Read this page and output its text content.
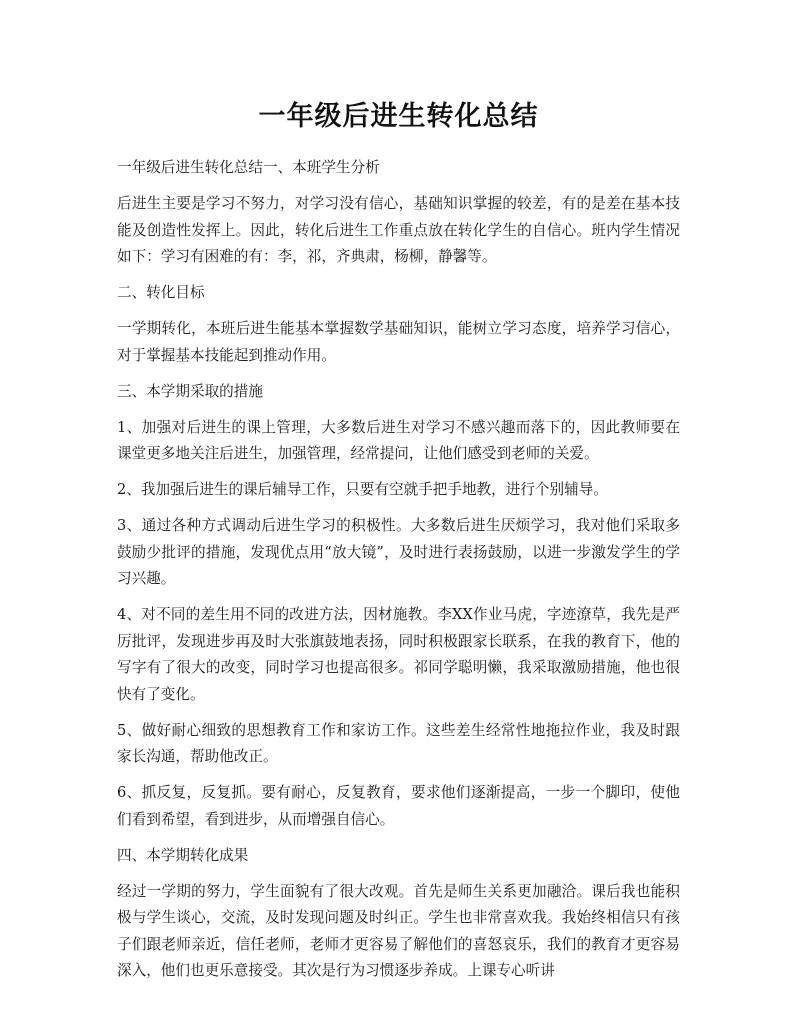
一年级后进生转化总结

一年级后进生转化总结一、本班学生分析

后进生主要是学习不努力，对学习没有信心，基础知识掌握的较差，有的是差在基本技能及创造性发挥上。因此，转化后进生工作重点放在转化学生的自信心。班内学生情况如下：学习有困难的有：李，祁，齐典肃，杨柳，静馨等。

二、转化目标

一学期转化，本班后进生能基本掌握数学基础知识，能树立学习态度，培养学习信心，对于掌握基本技能起到推动作用。

三、本学期采取的措施

1、加强对后进生的课上管理，大多数后进生对学习不感兴趣而落下的，因此教师要在课堂更多地关注后进生，加强管理，经常提问，让他们感受到老师的关爱。

2、我加强后进生的课后辅导工作，只要有空就手把手地教，进行个别辅导。

3、通过各种方式调动后进生学习的积极性。大多数后进生厌烦学习，我对他们采取多鼓励少批评的措施，发现优点用“放大镜”，及时进行表扬鼓励，以进一步激发学生的学习兴趣。

4、对不同的差生用不同的改进方法，因材施教。李XX作业马虎，字迹潦草，我先是严厉批评，发现进步再及时大张旗鼓地表扬，同时积极跟家长联系，在我的教育下，他的写字有了很大的改变，同时学习也提高很多。祁同学聪明懒，我采取激励措施，他也很快有了变化。

5、做好耐心细致的思想教育工作和家访工作。这些差生经常性地拖拉作业，我及时跟家长沟通，帮助他改正。

6、抓反复，反复抓。要有耐心，反复教育，要求他们逐渐提高，一步一个脚印，使他们看到希望，看到进步，从而增强自信心。

四、本学期转化成果

经过一学期的努力，学生面貌有了很大改观。首先是师生关系更加融洽。课后我也能积极与学生谈心，交流，及时发现问题及时纠正。学生也非常喜欢我。我始终相信只有孩子们跟老师亲近，信任老师，老师才更容易了解他们的喜怒哀乐，我们的教育才更容易深入，他们也更乐意接受。其次是行为习惯逐步养成。上课专心听讲
